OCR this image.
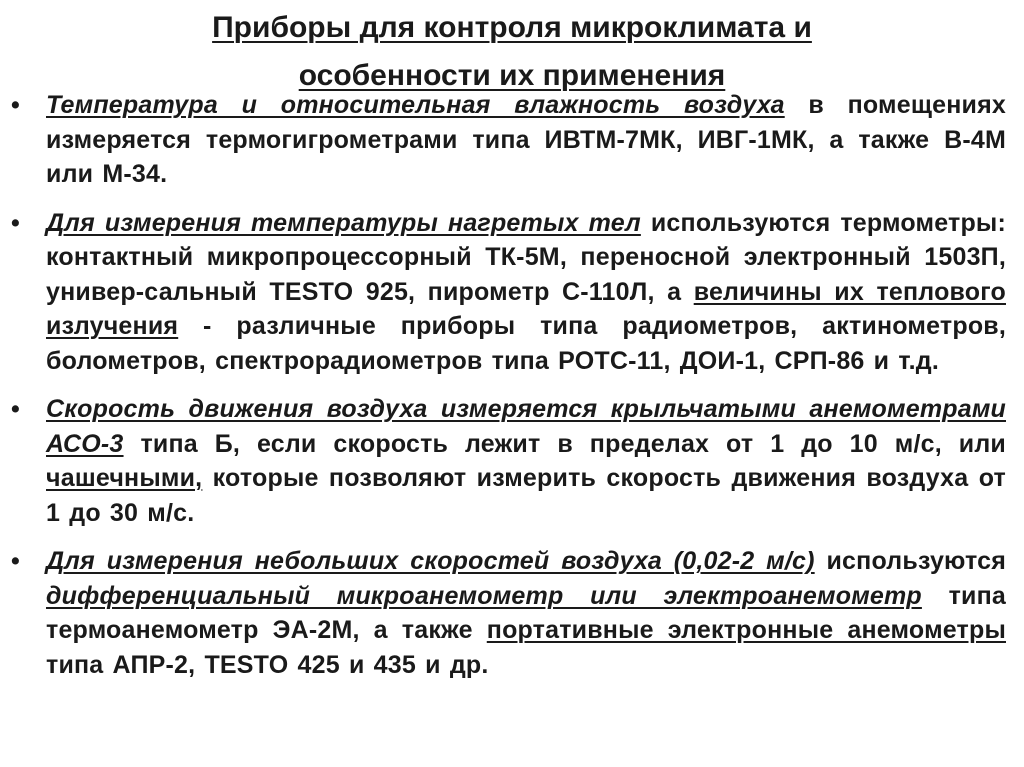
Приборы для контроля микроклимата и
особенности их применения
• Температура и относительная влажность воздуха в помещениях измеряется термогигрометрами типа ИВТМ-7МК, ИВГ-1МК, а также В-4М или М-34.
• Для измерения температуры нагретых тел используются термометры: контактный микропроцессорный ТК-5М, переносной электронный 1503П, универ-сальный TESTO 925, пирометр С-110Л, а величины их теплового излучения - различные приборы типа радиометров, актинометров, болометров, спектрорадиометров типа РОТС-11, ДОИ-1, СРП-86 и т.д.
• Скорость движения воздуха измеряется крыльчатыми анемометрами АСО-3 типа Б, если скорость лежит в пределах от 1 до 10 м/с, или чашечными, которые позволяют измерить скорость движения воздуха от 1 до 30 м/с.
• Для измерения небольших скоростей воздуха (0,02-2 м/с) используются дифференциальный микроанемометр или электроанемометр типа термоанемометр ЭА-2М, а также портативные электронные анемометры типа АПР-2, TESTO 425 и 435 и др.
